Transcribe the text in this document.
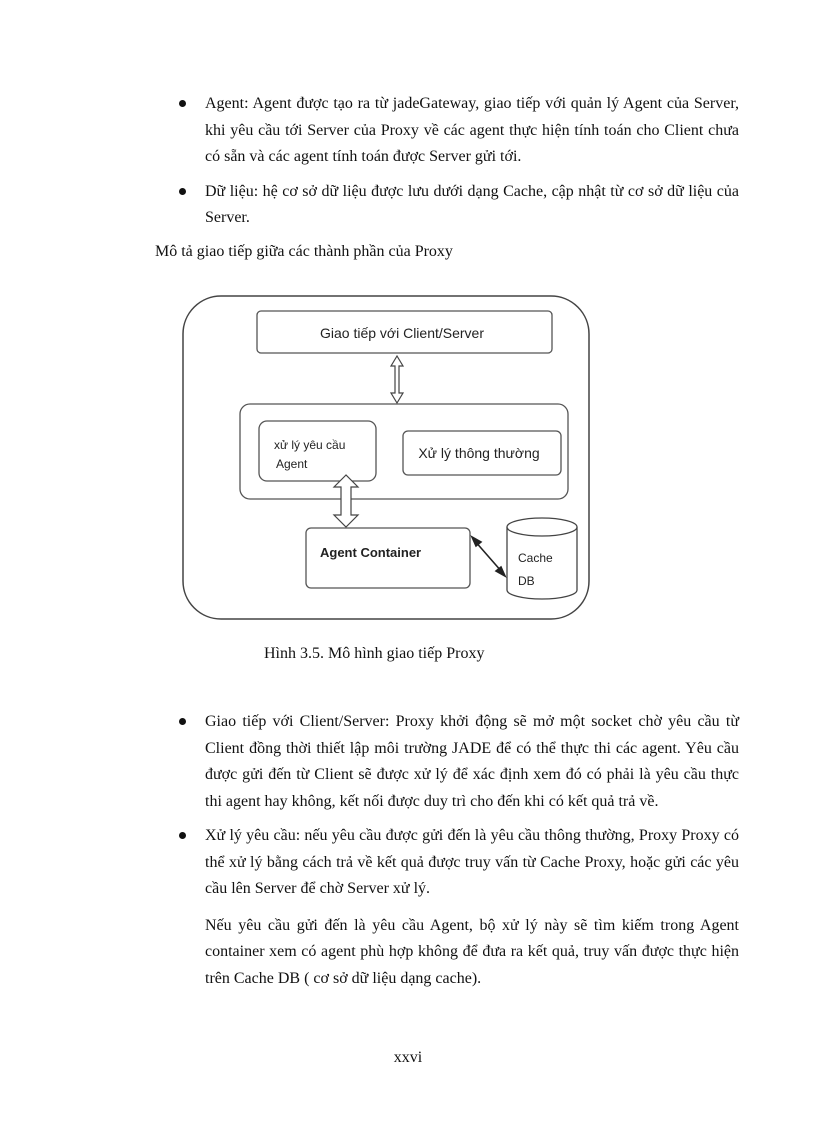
Agent: Agent được tạo ra từ jadeGateway, giao tiếp với quản lý Agent của Server, khi yêu cầu tới Server của Proxy về các agent thực hiện tính toán cho Client chưa có sẵn và các agent tính toán được Server gửi tới.

Dữ liệu: hệ cơ sở dữ liệu được lưu dưới dạng Cache, cập nhật từ cơ sở dữ liệu của Server.

Mô tả giao tiếp giữa các thành phần của Proxy

Giao tiếp với Client/Server
xử lý yêu cầu
Agent
Xử lý thông thường
Agent Container	Cache
DB

Hình 3.5. Mô hình giao tiếp Proxy

Giao tiếp với Client/Server: Proxy khởi động sẽ mở một socket chờ yêu cầu từ Client đồng thời thiết lập môi trường JADE để có thể thực thi các agent. Yêu cầu được gửi đến từ Client sẽ được xử lý để xác định xem đó có phải là yêu cầu thực thi agent hay không, kết nối được duy trì cho đến khi có kết quả trả về.

Xử lý yêu cầu: nếu yêu cầu được gửi đến là yêu cầu thông thường, Proxy Proxy có thể xử lý bằng cách trả về kết quả được truy vấn từ Cache Proxy, hoặc gửi các yêu cầu lên Server để chờ Server xử lý.

Nếu yêu cầu gửi đến là yêu cầu Agent, bộ xử lý này sẽ tìm kiếm trong Agent container xem có agent phù hợp không để đưa ra kết quả, truy vấn được thực hiện trên Cache DB ( cơ sở dữ liệu dạng cache).

xxvi
